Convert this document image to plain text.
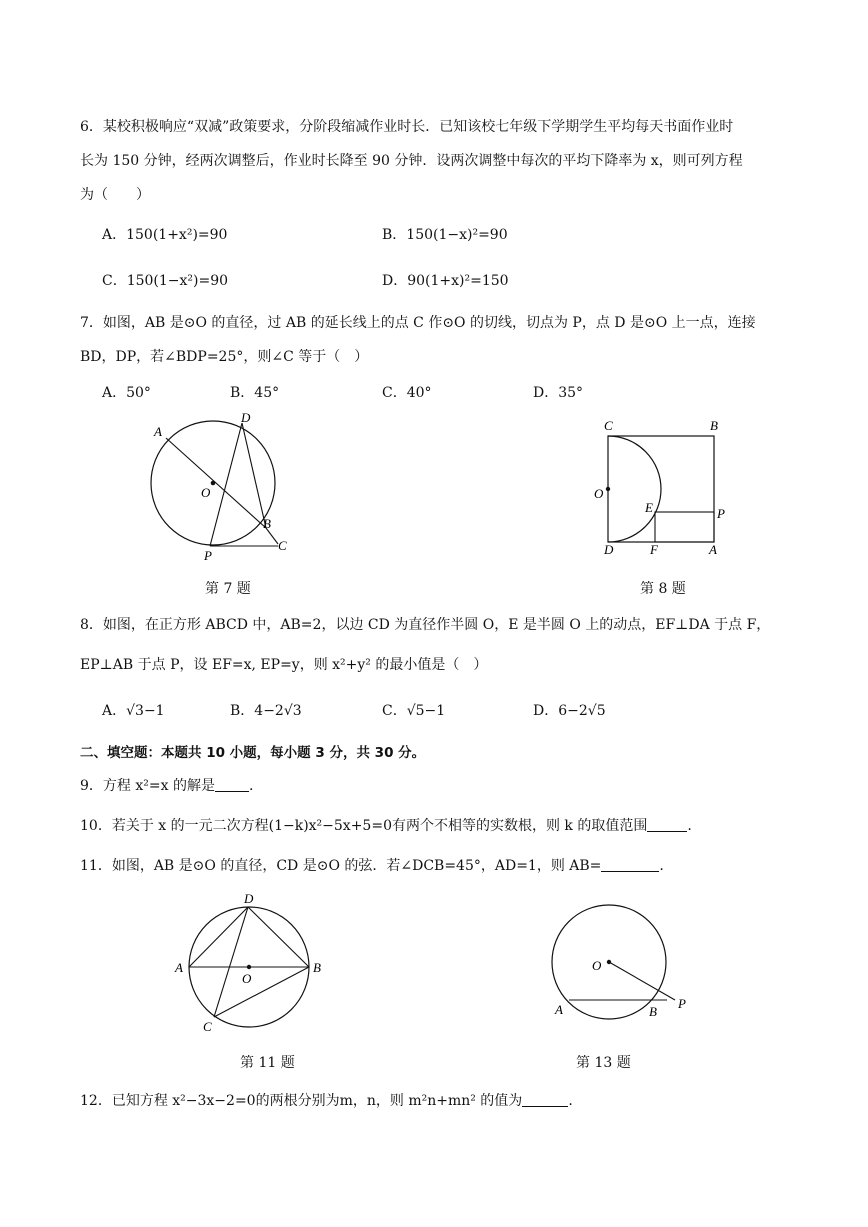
6．某校积极响应“双减”政策要求，分阶段缩减作业时长．已知该校七年级下学期学生平均每天书面作业时
长为 150 分钟，经两次调整后，作业时长降至 90 分钟．设两次调整中每次的平均下降率为 x，则可列方程
为（　　）
A．150(1+x²)=90	B．150(1−x)²=90
C．150(1−x²)=90	D．90(1+x)²=150
7．如图，AB 是⊙O 的直径，过 AB 的延长线上的点 C 作⊙O 的切线，切点为 P，点 D 是⊙O 上一点，连接
BD，DP，若∠BDP=25°，则∠C 等于（　）
A．50°	B．45°	C．40°	D．35°
A
D
O
B
P
C
第 7 题
C	B
O
E	P
D	F	A
第 8 题
8．如图，在正方形 ABCD 中，AB=2，以边 CD 为直径作半圆 O，E 是半圆 O 上的动点，EF⊥DA 于点 F，
EP⊥AB 于点 P，设 EF=x, EP=y，则 x²+y² 的最小值是（　）
A．√3−1	B．4−2√3	C．√5−1	D．6−2√5
二、填空题：本题共 10 小题，每小题 3 分，共 30 分。
9．方程 x²=x 的解是 .
10．若关于 x 的一元二次方程(1−k)x²−5x+5=0有两个不相等的实数根，则 k 的取值范围	.
11．如图，AB 是⊙O 的直径，CD 是⊙O 的弦．若∠DCB=45°，AD=1，则 AB=	.
D
A
O
B
C
第 11 题
O
A	B
P
第 13 题
12．已知方程 x²−3x−2=0的两根分别为m，n，则 m²n+mn² 的值为	.
